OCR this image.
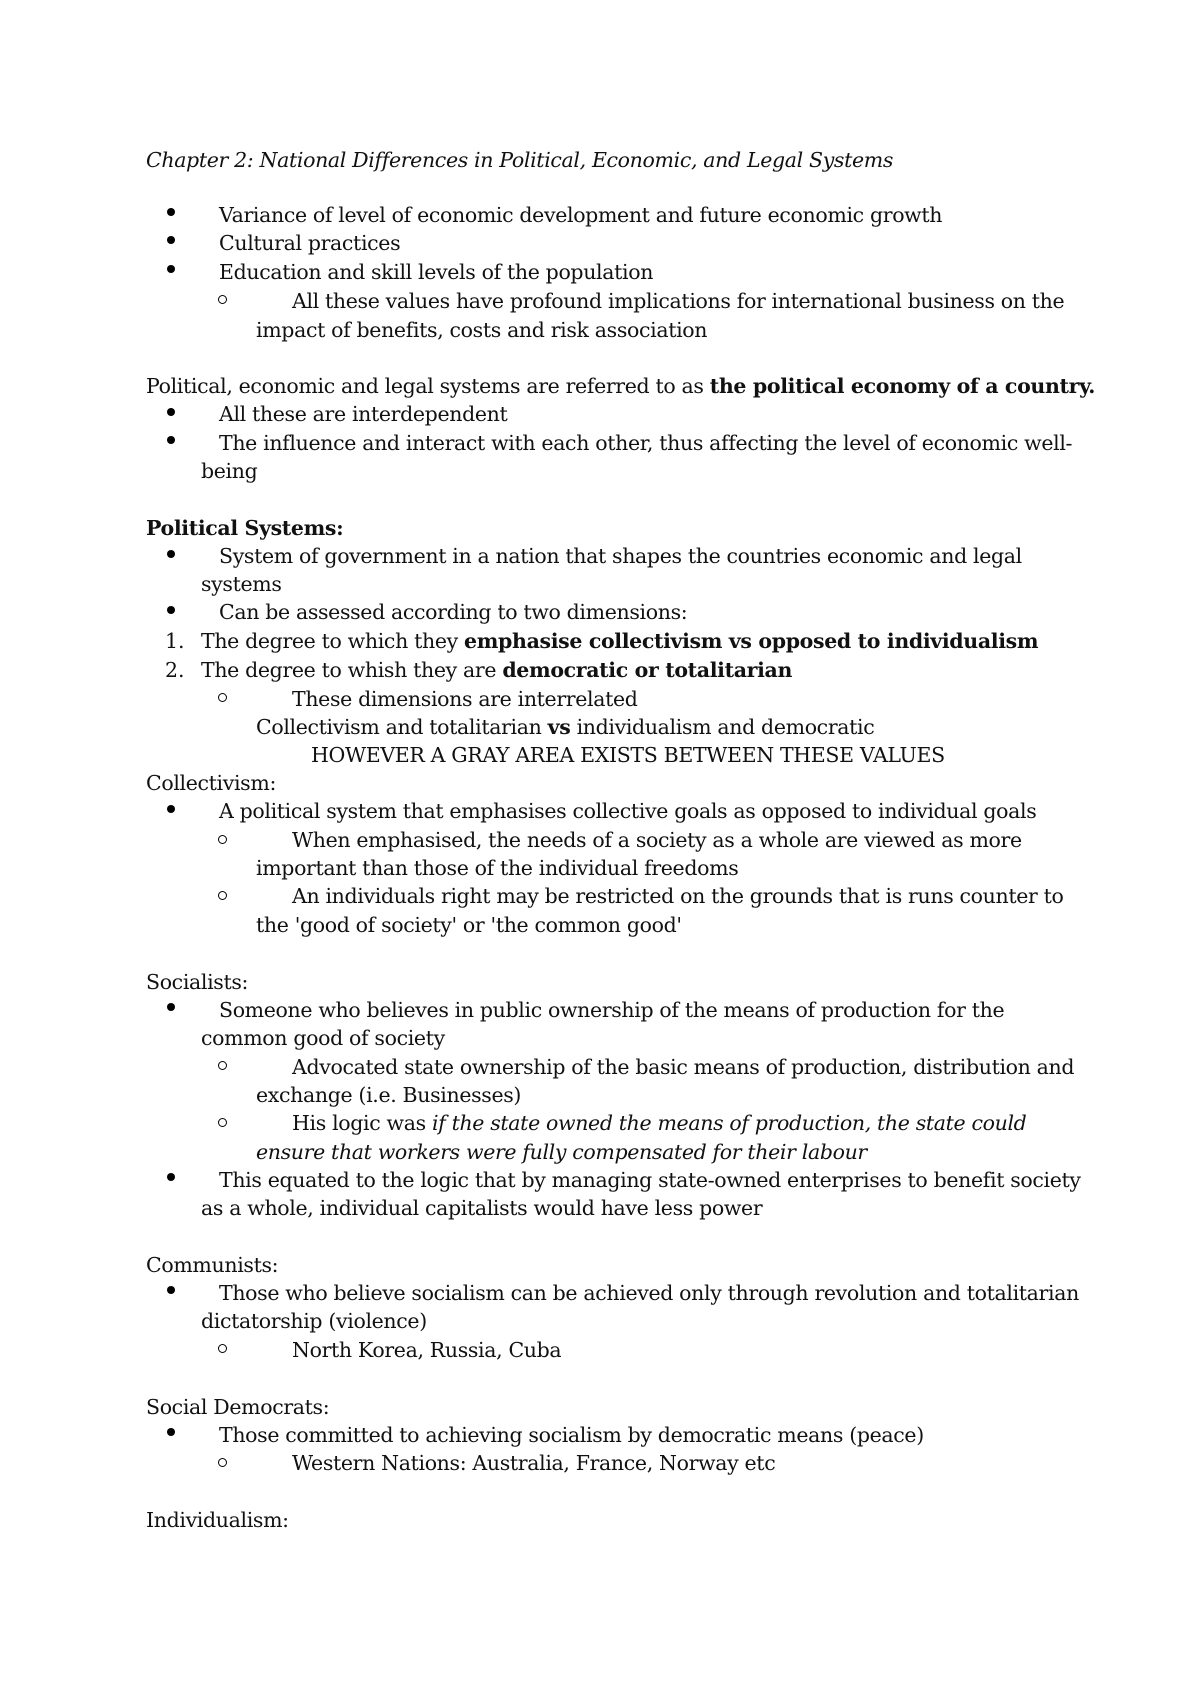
Chapter 2: National Differences in Political, Economic, and Legal Systems
Variance of level of economic development and future economic growth
Cultural practices
Education and skill levels of the population
All these values have profound implications for international business on the
impact of benefits, costs and risk association
Political, economic and legal systems are referred to as the political economy of a country.
All these are interdependent
The influence and interact with each other, thus affecting the level of economic well-
being
Political Systems:
System of government in a nation that shapes the countries economic and legal
systems
Can be assessed according to two dimensions:
1. The degree to which they emphasise collectivism vs opposed to individualism
2. The degree to whish they are democratic or totalitarian
These dimensions are interrelated
Collectivism and totalitarian vs individualism and democratic
HOWEVER A GRAY AREA EXISTS BETWEEN THESE VALUES
Collectivism:
A political system that emphasises collective goals as opposed to individual goals
When emphasised, the needs of a society as a whole are viewed as more
important than those of the individual freedoms
An individuals right may be restricted on the grounds that is runs counter to
the 'good of society' or 'the common good'
Socialists:
Someone who believes in public ownership of the means of production for the
common good of society
Advocated state ownership of the basic means of production, distribution and
exchange (i.e. Businesses)
His logic was if the state owned the means of production, the state could
ensure that workers were fully compensated for their labour
This equated to the logic that by managing state-owned enterprises to benefit society
as a whole, individual capitalists would have less power
Communists:
Those who believe socialism can be achieved only through revolution and totalitarian
dictatorship (violence)
North Korea, Russia, Cuba
Social Democrats:
Those committed to achieving socialism by democratic means (peace)
Western Nations: Australia, France, Norway etc
Individualism:
